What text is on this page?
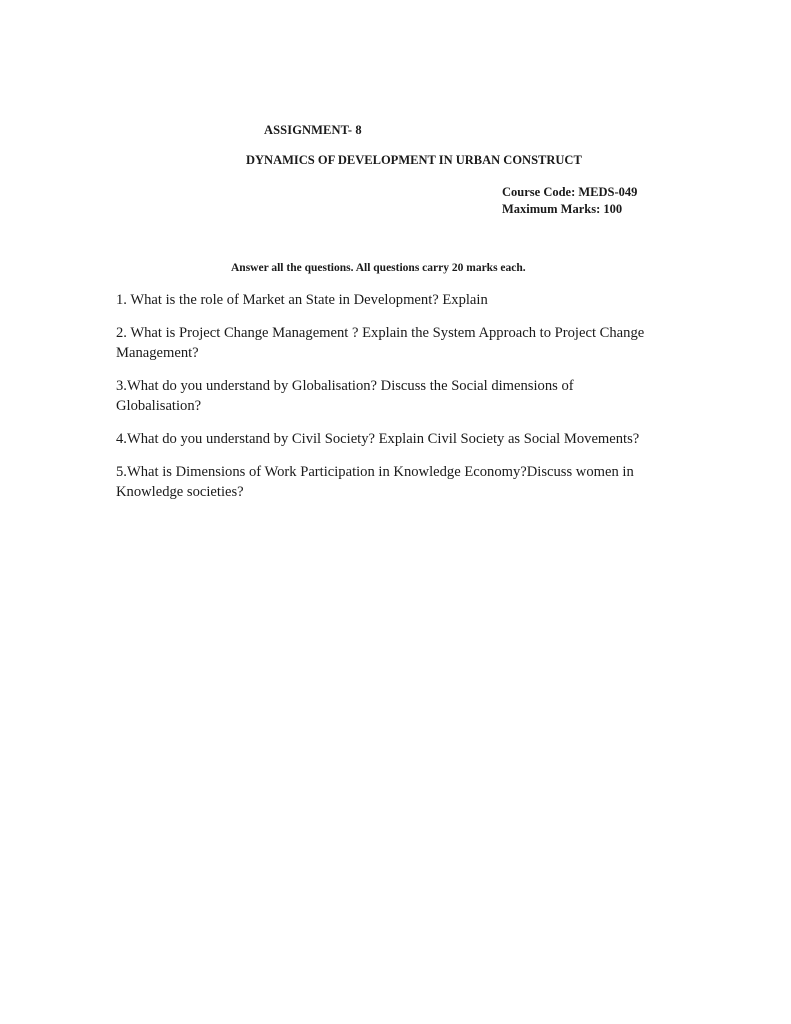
ASSIGNMENT- 8
DYNAMICS OF DEVELOPMENT IN URBAN CONSTRUCT
Course Code: MEDS-049
Maximum Marks: 100

Answer all the questions. All questions carry 20 marks each.

1. What is the role of Market an State in Development? Explain
2. What is Project Change Management ? Explain the System Approach to Project Change Management?
3.What do you understand by Globalisation? Discuss the Social dimensions of Globalisation?
4.What do you understand by Civil Society? Explain Civil Society as Social Movements?
5.What is Dimensions of Work Participation in Knowledge Economy?Discuss women in Knowledge societies?
